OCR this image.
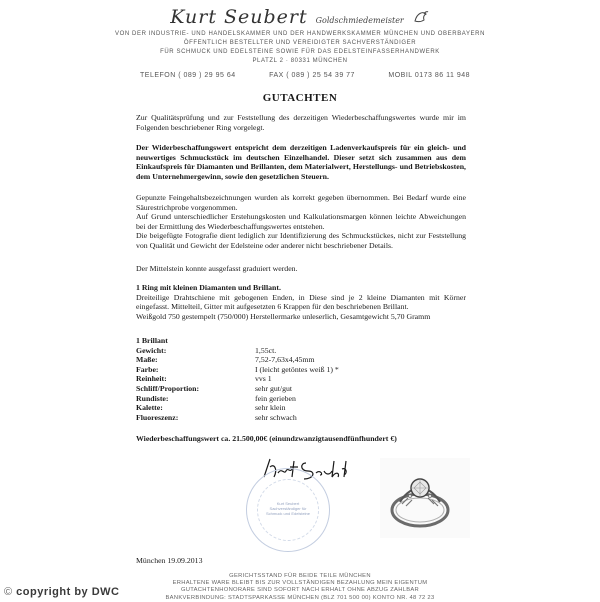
Kurt Seubert Goldschmiedemeister
VON DER INDUSTRIE- UND HANDELSKAMMER UND DER HANDWERKSKAMMER MÜNCHEN UND OBERBAYERN
ÖFFENTLICH BESTELLTER UND VEREIDIGTER SACHVERSTÄNDIGER
FÜR SCHMUCK UND EDELSTEINE SOWIE FÜR DAS EDELSTEINFASSERHANDWERK
PLATZL 2 · 80331 MÜNCHEN
TELEFON ( 089 ) 29 95 64	FAX ( 089 ) 25 54 39 77	MOBIL 0173 86 11 948
GUTACHTEN
Zur Qualitätsprüfung und zur Feststellung des derzeitigen Wiederbeschaffungswertes wurde mir im Folgenden beschriebener Ring vorgelegt.
Der Widerbeschaffungswert entspricht dem derzeitigen Ladenverkaufspreis für ein gleich- und neuwertiges Schmuckstück im deutschen Einzelhandel. Dieser setzt sich zusammen aus dem Einkaufspreis für Diamanten und Brillanten, dem Materialwert, Herstellungs- und Betriebskosten, dem Unternehmergewinn, sowie den gesetzlichen Steuern.
Gepunzte Feingehaltsbezeichnungen wurden als korrekt gegeben übernommen. Bei Bedarf wurde eine Säurestrichprobe vorgenommen.
Auf Grund unterschiedlicher Erstehungskosten und Kalkulationsmargen können leichte Abweichungen bei der Ermittlung des Wiederbeschaffungswertes entstehen.
Die beigefügte Fotografie dient lediglich zur Identifizierung des Schmuckstückes, nicht zur Feststellung von Qualität und Gewicht der Edelsteine oder anderer nicht beschriebener Details.
Der Mittelstein konnte ausgefasst graduiert werden.
1 Ring mit kleinen Diamanten und Brillant.
Dreiteilige Drahtschiene mit gebogenen Enden, in Diese sind je 2 kleine Diamanten mit Körner eingefasst. Mittelteil, Gitter mit aufgesetzten 6 Krappen für den beschriebenen Brillant.
Weißgold 750 gestempelt (750/000) Herstellermarke unleserlich, Gesamtgewicht 5,70 Gramm
1 Brillant
Gewicht:	1,55ct.
Maße:	7,52-7,63x4,45mm
Farbe:	I (leicht getöntes weiß 1) *
Reinheit:	vvs 1
Schliff/Proportion:	sehr gut/gut
Rundiste:	fein gerieben
Kalette:	sehr klein
Fluoreszenz:	sehr schwach
Wiederbeschaffungswert ca. 21.500,00€ (einundzwanzigtausendfünfhundert €)
Kurt Seubert
Sachverständiger für
Schmuck und Edelsteine
München 19.09.2013
GERICHTSSTAND FÜR BEIDE TEILE MÜNCHEN
ERHALTENE WARE BLEIBT BIS ZUR VOLLSTÄNDIGEN BEZAHLUNG MEIN EIGENTUM
GUTACHTENHONORARE SIND SOFORT NACH ERHALT OHNE ABZUG ZAHLBAR
BANKVERBINDUNG: STADTSPARKASSE MÜNCHEN (BLZ 701 500 00) KONTO NR. 48 72 23
© copyright by DWC
